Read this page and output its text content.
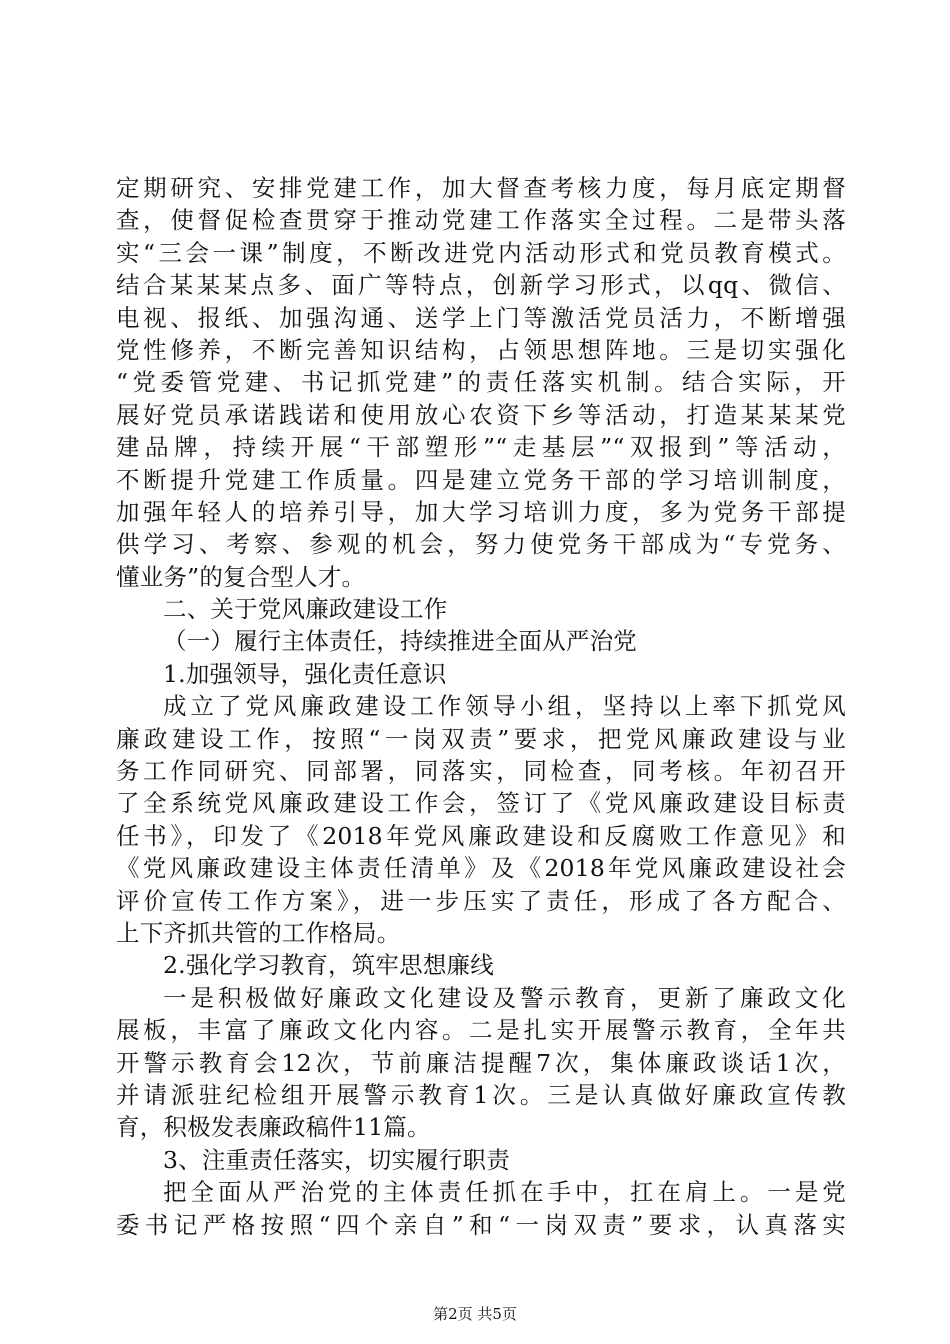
定期研究、安排党建工作，加大督查考核力度，每月底定期督
查，使督促检查贯穿于推动党建工作落实全过程。二是带头落
实“三会一课”制度，不断改进党内活动形式和党员教育模式。
结合某某某点多、面广等特点，创新学习形式，以qq、微信、
电视、报纸、加强沟通、送学上门等激活党员活力，不断增强
党性修养，不断完善知识结构，占领思想阵地。三是切实强化
“党委管党建、书记抓党建”的责任落实机制。结合实际，开
展好党员承诺践诺和使用放心农资下乡等活动，打造某某某党
建品牌，持续开展“干部塑形”“走基层”“双报到”等活动，
不断提升党建工作质量。四是建立党务干部的学习培训制度，
加强年轻人的培养引导，加大学习培训力度，多为党务干部提
供学习、考察、参观的机会，努力使党务干部成为“专党务、
懂业务”的复合型人才。
二、关于党风廉政建设工作
（一）履行主体责任，持续推进全面从严治党
1.加强领导，强化责任意识
成立了党风廉政建设工作领导小组，坚持以上率下抓党风
廉政建设工作，按照“一岗双责”要求，把党风廉政建设与业
务工作同研究、同部署，同落实，同检查，同考核。年初召开
了全系统党风廉政建设工作会，签订了《党风廉政建设目标责
任书》，印发了《2018年党风廉政建设和反腐败工作意见》和
《党风廉政建设主体责任清单》及《2018年党风廉政建设社会
评价宣传工作方案》，进一步压实了责任，形成了各方配合、
上下齐抓共管的工作格局。
2.强化学习教育，筑牢思想廉线
一是积极做好廉政文化建设及警示教育，更新了廉政文化
展板，丰富了廉政文化内容。二是扎实开展警示教育，全年共
开警示教育会12次，节前廉洁提醒7次，集体廉政谈话1次，
并请派驻纪检组开展警示教育1次。三是认真做好廉政宣传教
育，积极发表廉政稿件11篇。
3、注重责任落实，切实履行职责
把全面从严治党的主体责任抓在手中，扛在肩上。一是党
委书记严格按照“四个亲自”和“一岗双责”要求，认真落实
第2页 共5页
